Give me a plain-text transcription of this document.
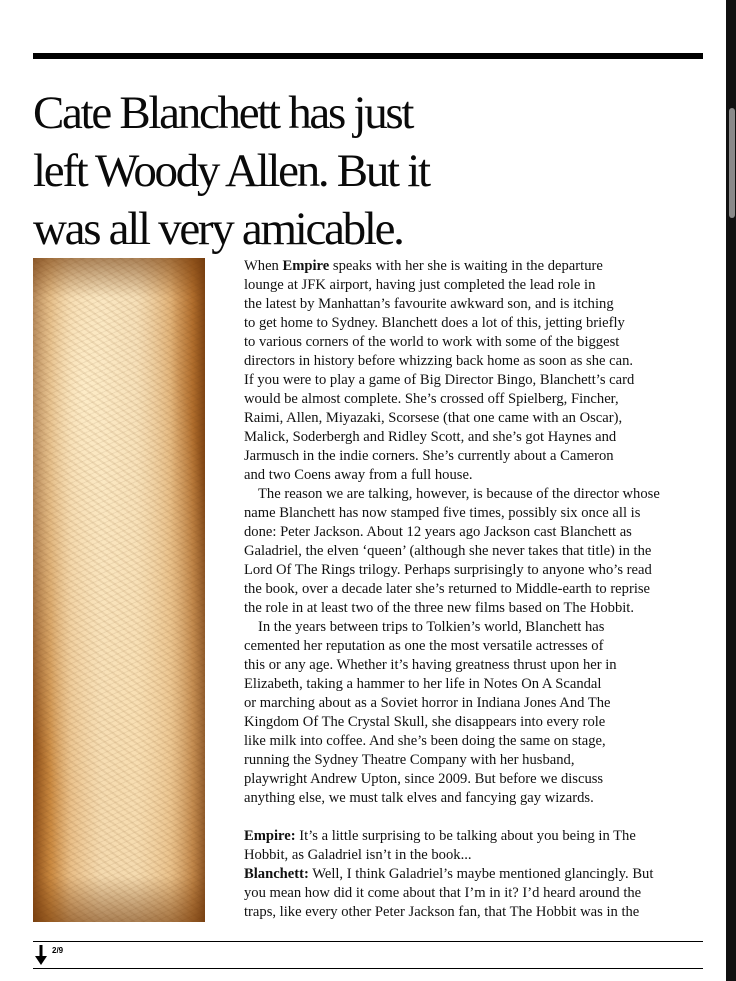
Cate Blanchett has just
left Woody Allen. But it
was all very amicable.
When Empire speaks with her she is waiting in the departure
lounge at JFK airport, having just completed the lead role in
the latest by Manhattan’s favourite awkward son, and is itching
to get home to Sydney. Blanchett does a lot of this, jetting briefly
to various corners of the world to work with some of the biggest
directors in history before whizzing back home as soon as she can.
If you were to play a game of Big Director Bingo, Blanchett’s card
would be almost complete. She’s crossed off Spielberg, Fincher,
Raimi, Allen, Miyazaki, Scorsese (that one came with an Oscar),
Malick, Soderbergh and Ridley Scott, and she’s got Haynes and
Jarmusch in the indie corners. She’s currently about a Cameron
and two Coens away from a full house.
The reason we are talking, however, is because of the director whose
name Blanchett has now stamped five times, possibly six once all is
done: Peter Jackson. About 12 years ago Jackson cast Blanchett as
Galadriel, the elven ‘queen’ (although she never takes that title) in the
Lord Of The Rings trilogy. Perhaps surprisingly to anyone who’s read
the book, over a decade later she’s returned to Middle-earth to reprise
the role in at least two of the three new films based on The Hobbit.
In the years between trips to Tolkien’s world, Blanchett has
cemented her reputation as one the most versatile actresses of
this or any age. Whether it’s having greatness thrust upon her in
Elizabeth, taking a hammer to her life in Notes On A Scandal
or marching about as a Soviet horror in Indiana Jones And The
Kingdom Of The Crystal Skull, she disappears into every role
like milk into coffee. And she’s been doing the same on stage,
running the Sydney Theatre Company with her husband,
playwright Andrew Upton, since 2009. But before we discuss
anything else, we must talk elves and fancying gay wizards.
Empire: It’s a little surprising to be talking about you being in The
Hobbit, as Galadriel isn’t in the book...
Blanchett: Well, I think Galadriel’s maybe mentioned glancingly. But
you mean how did it come about that I’m in it? I’d heard around the
traps, like every other Peter Jackson fan, that The Hobbit was in the
2/9
